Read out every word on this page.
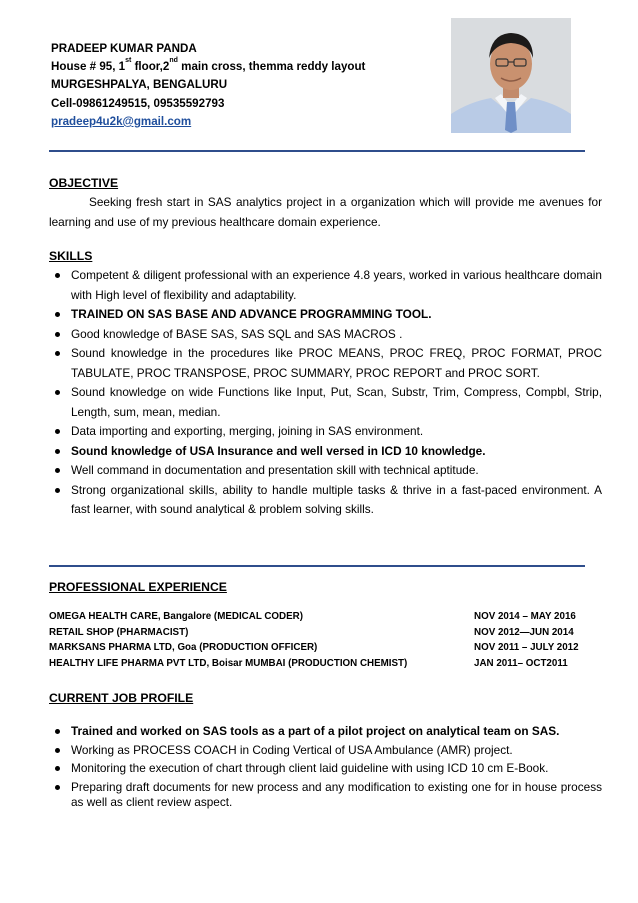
PRADEEP KUMAR PANDA
House # 95, 1st floor,2nd main cross, themma reddy layout
MURGESHPALYA, BENGALURU
Cell-09861249515, 09535592793
pradeep4u2k@gmail.com
OBJECTIVE
Seeking fresh start in SAS analytics project in a organization which will provide me avenues for learning and use of my previous healthcare domain experience.
SKILLS
Competent & diligent professional with an experience 4.8 years, worked in various healthcare domain with High level of flexibility and adaptability.
TRAINED ON SAS BASE AND ADVANCE PROGRAMMING TOOL.
Good knowledge of BASE SAS, SAS SQL and SAS MACROS .
Sound knowledge in the procedures like PROC MEANS, PROC FREQ, PROC FORMAT, PROC TABULATE, PROC TRANSPOSE, PROC SUMMARY, PROC REPORT and PROC SORT.
Sound knowledge on wide Functions like Input, Put, Scan, Substr, Trim, Compress, Compbl, Strip, Length, sum, mean, median.
Data importing and exporting, merging, joining in SAS environment.
Sound knowledge of USA Insurance and well versed in ICD 10 knowledge.
Well command in documentation and presentation skill with technical aptitude.
Strong organizational skills, ability to handle multiple tasks & thrive in a fast-paced environment. A fast learner, with sound analytical & problem solving skills.
PROFESSIONAL EXPERIENCE
OMEGA HEALTH CARE, Bangalore (MEDICAL CODER)	NOV 2014 – MAY 2016
RETAIL SHOP (PHARMACIST)	NOV 2012—JUN 2014
MARKSANS PHARMA LTD, Goa (PRODUCTION OFFICER)	NOV 2011 – JULY 2012
HEALTHY LIFE PHARMA PVT LTD, Boisar MUMBAI (PRODUCTION CHEMIST)	JAN 2011– OCT2011
CURRENT JOB PROFILE
Trained and worked on SAS tools as a part of a pilot project on analytical team on SAS.
Working as PROCESS COACH in Coding Vertical of USA Ambulance (AMR) project.
Monitoring the execution of chart through client laid guideline with using ICD 10 cm E-Book.
Preparing draft documents for new process and any modification to existing one for in house process as well as client review aspect.
